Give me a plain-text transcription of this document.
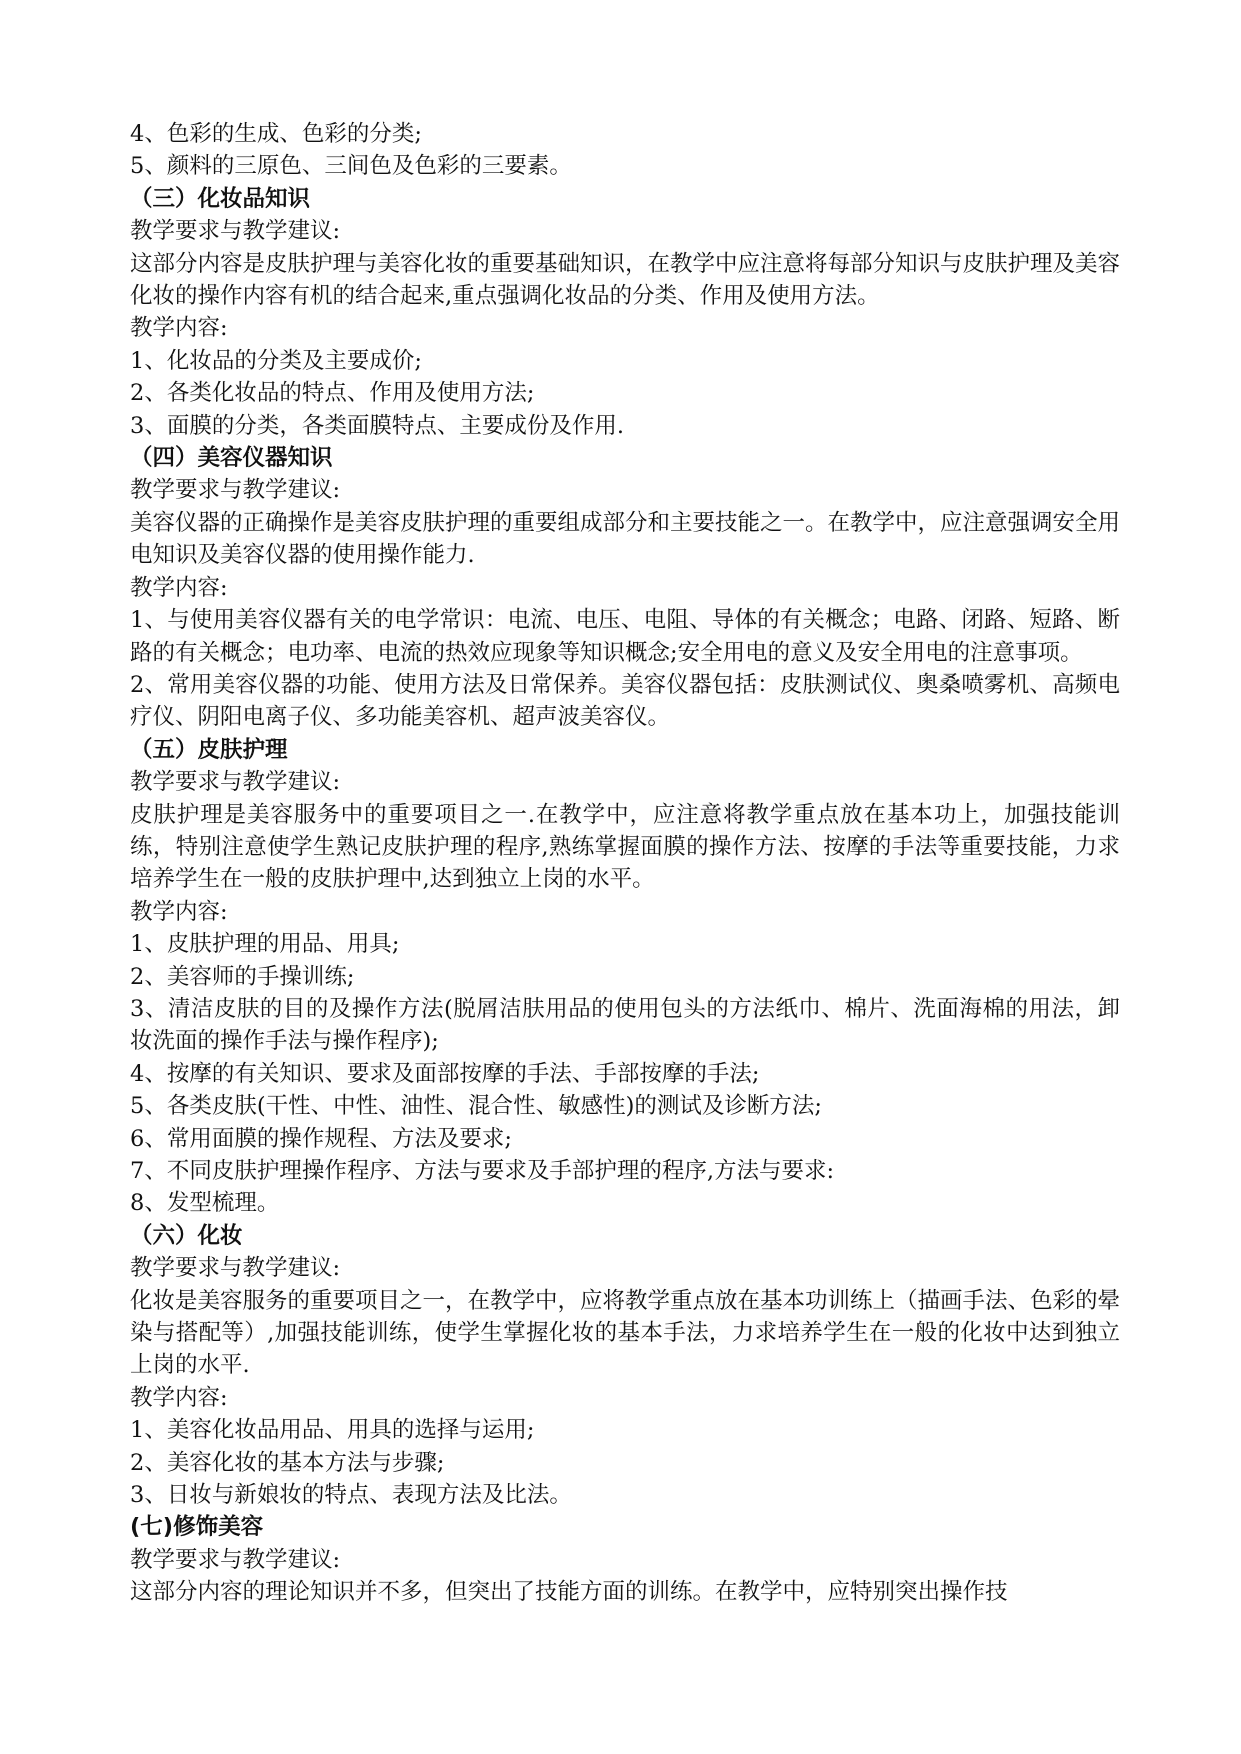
4、色彩的生成、色彩的分类;
5、颜料的三原色、三间色及色彩的三要素。
（三）化妆品知识
教学要求与教学建议:
这部分内容是皮肤护理与美容化妆的重要基础知识，在教学中应注意将每部分知识与皮肤护理及美容化妆的操作内容有机的结合起来,重点强调化妆品的分类、作用及使用方法。
教学内容:
1、化妆品的分类及主要成价;
2、各类化妆品的特点、作用及使用方法;
3、面膜的分类，各类面膜特点、主要成份及作用.
（四）美容仪器知识
教学要求与教学建议:
美容仪器的正确操作是美容皮肤护理的重要组成部分和主要技能之一。在教学中，应注意强调安全用电知识及美容仪器的使用操作能力.
教学内容:
1、与使用美容仪器有关的电学常识：电流、电压、电阻、导体的有关概念；电路、闭路、短路、断路的有关概念；电功率、电流的热效应现象等知识概念;安全用电的意义及安全用电的注意事项。
2、常用美容仪器的功能、使用方法及日常保养。美容仪器包括：皮肤测试仪、奥桑喷雾机、高频电疗仪、阴阳电离子仪、多功能美容机、超声波美容仪。
（五）皮肤护理
教学要求与教学建议:
皮肤护理是美容服务中的重要项目之一.在教学中，应注意将教学重点放在基本功上，加强技能训练，特别注意使学生熟记皮肤护理的程序,熟练掌握面膜的操作方法、按摩的手法等重要技能，力求培养学生在一般的皮肤护理中,达到独立上岗的水平。
教学内容:
1、皮肤护理的用品、用具;
2、美容师的手操训练;
3、清洁皮肤的目的及操作方法(脱屑洁肤用品的使用包头的方法纸巾、棉片、洗面海棉的用法，卸妆洗面的操作手法与操作程序);
4、按摩的有关知识、要求及面部按摩的手法、手部按摩的手法;
5、各类皮肤(干性、中性、油性、混合性、敏感性)的测试及诊断方法;
6、常用面膜的操作规程、方法及要求;
7、不同皮肤护理操作程序、方法与要求及手部护理的程序,方法与要求:
8、发型梳理。
（六）化妆
教学要求与教学建议:
化妆是美容服务的重要项目之一，在教学中，应将教学重点放在基本功训练上（描画手法、色彩的晕染与搭配等）,加强技能训练，使学生掌握化妆的基本手法，力求培养学生在一般的化妆中达到独立上岗的水平.
教学内容:
1、美容化妆品用品、用具的选择与运用;
2、美容化妆的基本方法与步骤;
3、日妆与新娘妆的特点、表现方法及比法。
(七)修饰美容
教学要求与教学建议:
这部分内容的理论知识并不多，但突出了技能方面的训练。在教学中，应特别突出操作技
